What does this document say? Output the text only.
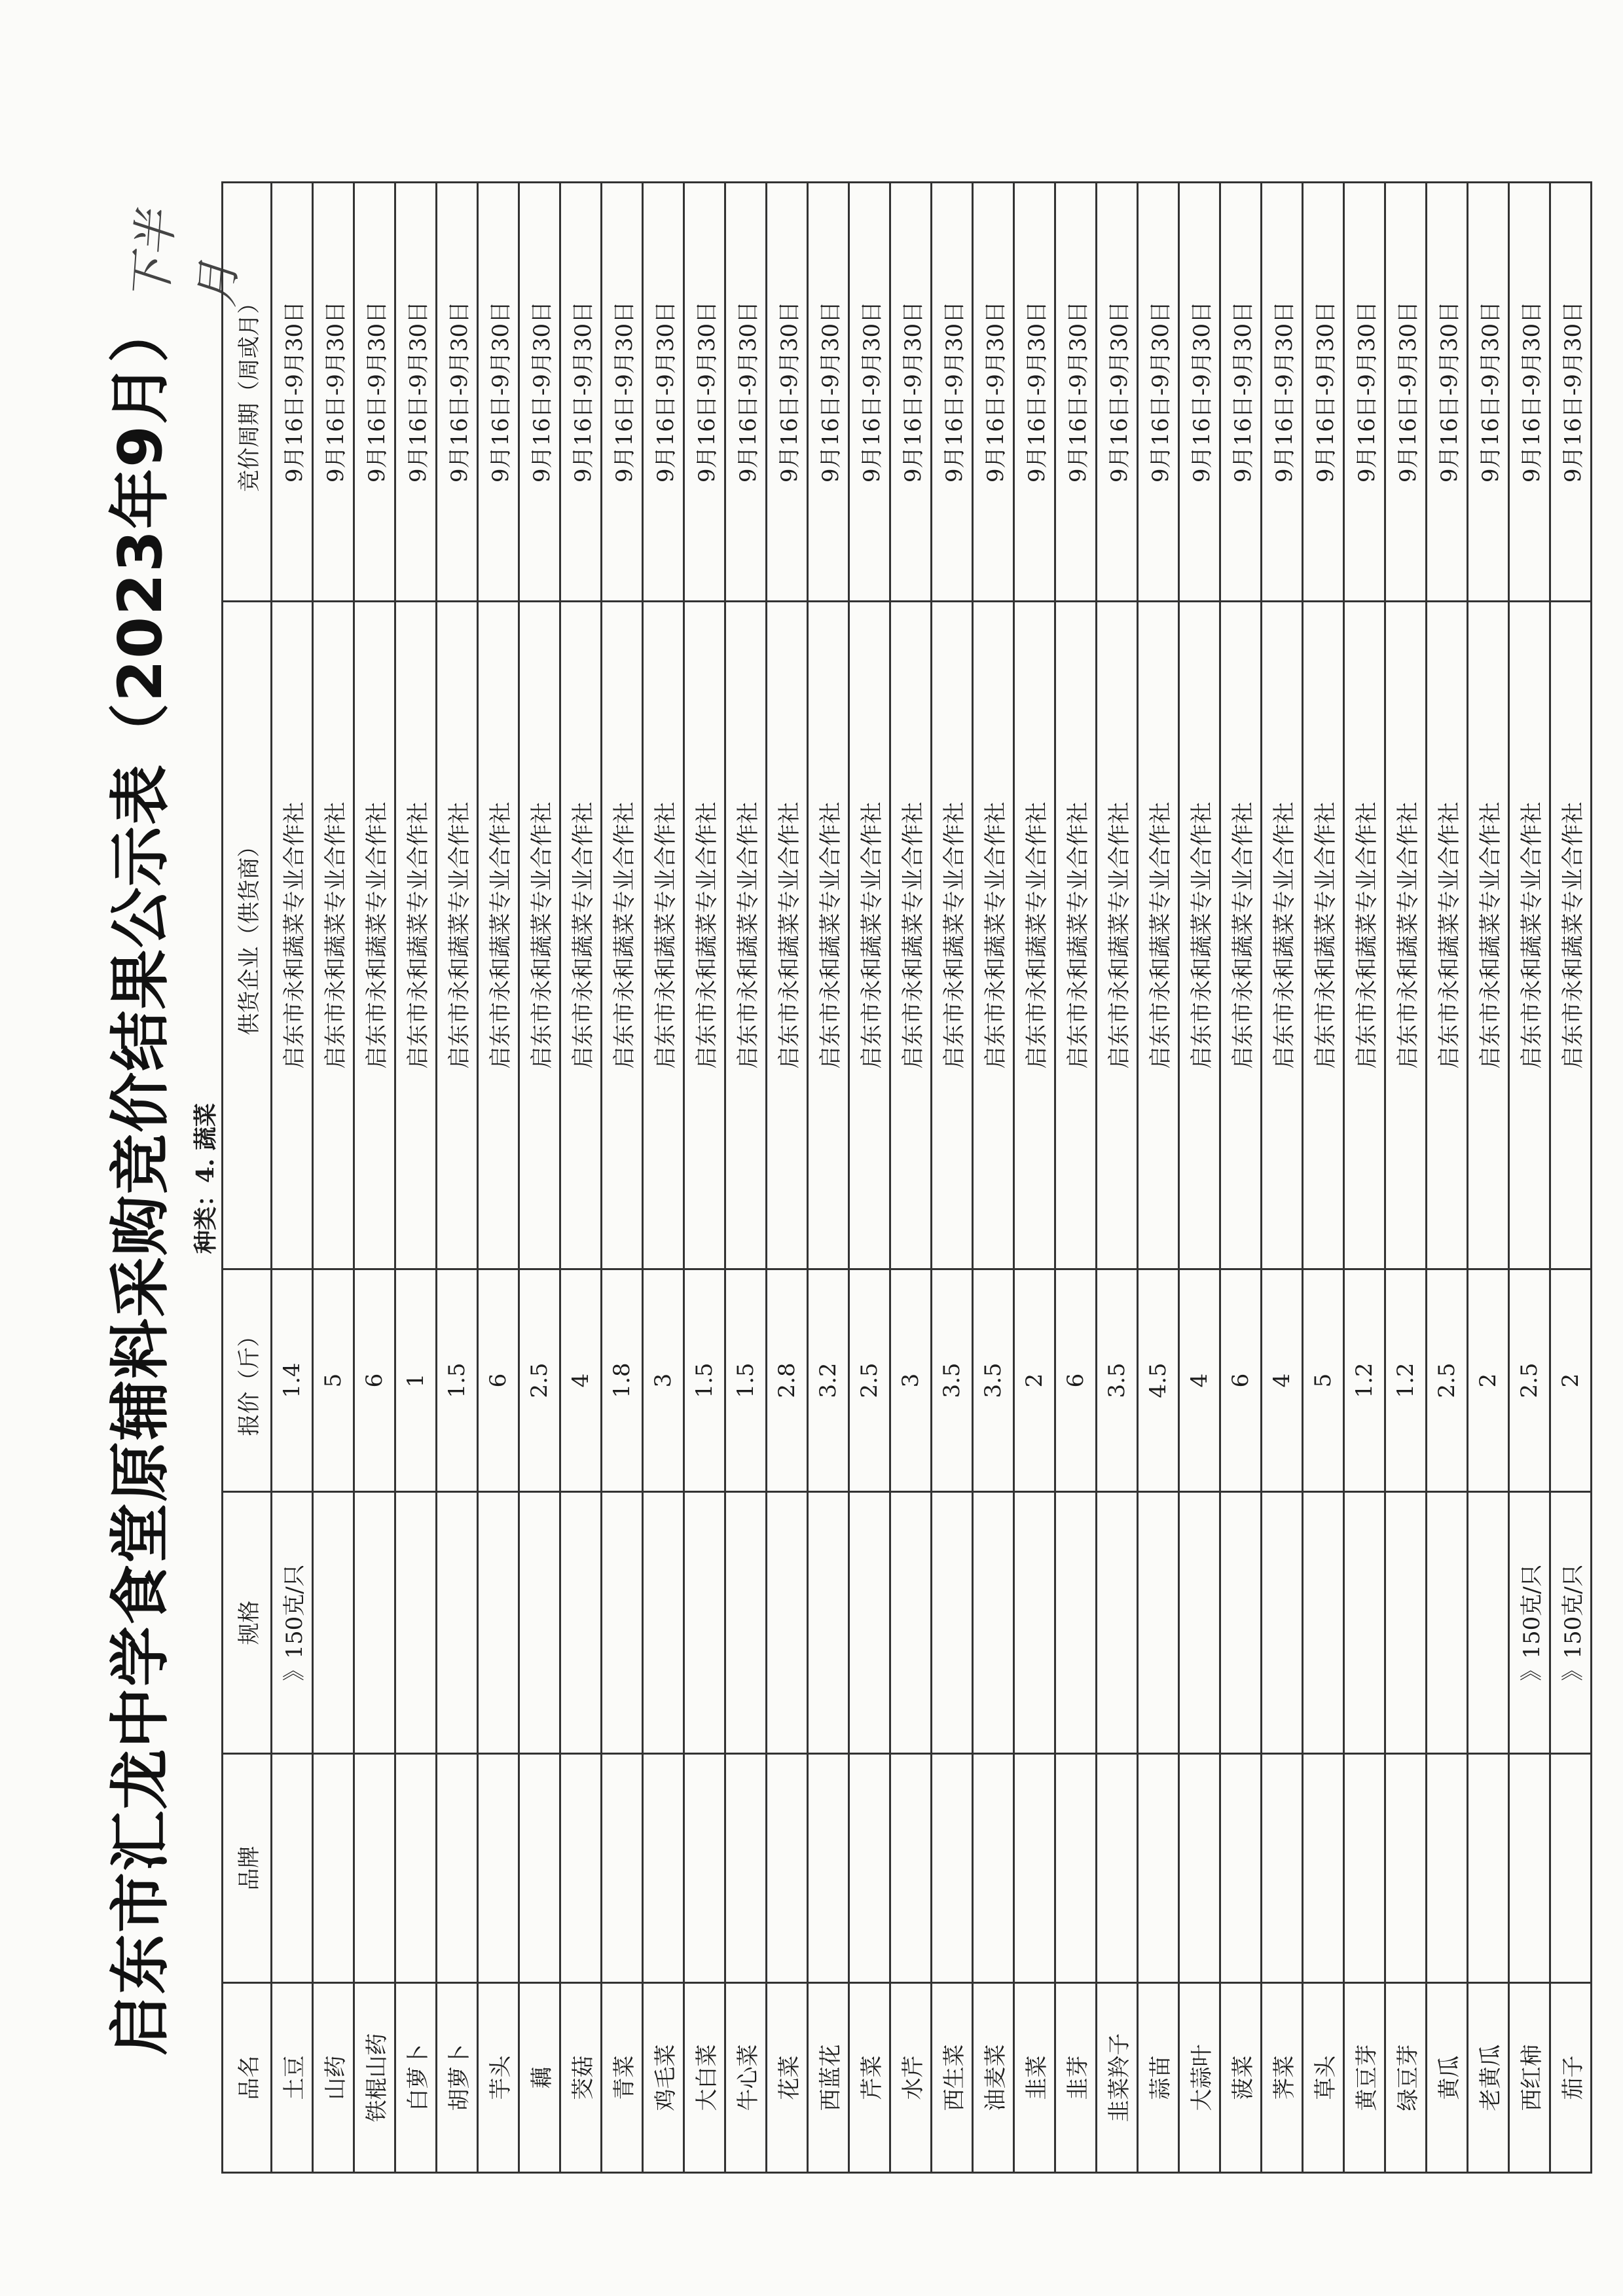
启东市汇龙中学食堂原辅料采购竞价结果公示表（2023年9月）
下半月
种类：4. 蔬菜
品名	品牌	规格	报价（斤）	供货企业（供货商）	竞价周期（周或月）
土豆		》150克/只	1.4	启东市永和蔬菜专业合作社	9月16日-9月30日
山药			5	启东市永和蔬菜专业合作社	9月16日-9月30日
铁棍山药			6	启东市永和蔬菜专业合作社	9月16日-9月30日
白萝卜			1	启东市永和蔬菜专业合作社	9月16日-9月30日
胡萝卜			1.5	启东市永和蔬菜专业合作社	9月16日-9月30日
芋头			6	启东市永和蔬菜专业合作社	9月16日-9月30日
藕			2.5	启东市永和蔬菜专业合作社	9月16日-9月30日
茭菇			4	启东市永和蔬菜专业合作社	9月16日-9月30日
青菜			1.8	启东市永和蔬菜专业合作社	9月16日-9月30日
鸡毛菜			3	启东市永和蔬菜专业合作社	9月16日-9月30日
大白菜			1.5	启东市永和蔬菜专业合作社	9月16日-9月30日
牛心菜			1.5	启东市永和蔬菜专业合作社	9月16日-9月30日
花菜			2.8	启东市永和蔬菜专业合作社	9月16日-9月30日
西蓝花			3.2	启东市永和蔬菜专业合作社	9月16日-9月30日
芹菜			2.5	启东市永和蔬菜专业合作社	9月16日-9月30日
水芹			3	启东市永和蔬菜专业合作社	9月16日-9月30日
西生菜			3.5	启东市永和蔬菜专业合作社	9月16日-9月30日
油麦菜			3.5	启东市永和蔬菜专业合作社	9月16日-9月30日
韭菜			2	启东市永和蔬菜专业合作社	9月16日-9月30日
韭芽			6	启东市永和蔬菜专业合作社	9月16日-9月30日
韭菜羚子			3.5	启东市永和蔬菜专业合作社	9月16日-9月30日
蒜苗			4.5	启东市永和蔬菜专业合作社	9月16日-9月30日
大蒜叶			4	启东市永和蔬菜专业合作社	9月16日-9月30日
菠菜			6	启东市永和蔬菜专业合作社	9月16日-9月30日
荠菜			4	启东市永和蔬菜专业合作社	9月16日-9月30日
草头			5	启东市永和蔬菜专业合作社	9月16日-9月30日
黄豆芽			1.2	启东市永和蔬菜专业合作社	9月16日-9月30日
绿豆芽			1.2	启东市永和蔬菜专业合作社	9月16日-9月30日
黄瓜			2.5	启东市永和蔬菜专业合作社	9月16日-9月30日
老黄瓜			2	启东市永和蔬菜专业合作社	9月16日-9月30日
西红柿		》150克/只	2.5	启东市永和蔬菜专业合作社	9月16日-9月30日
茄子		》150克/只	2	启东市永和蔬菜专业合作社	9月16日-9月30日
